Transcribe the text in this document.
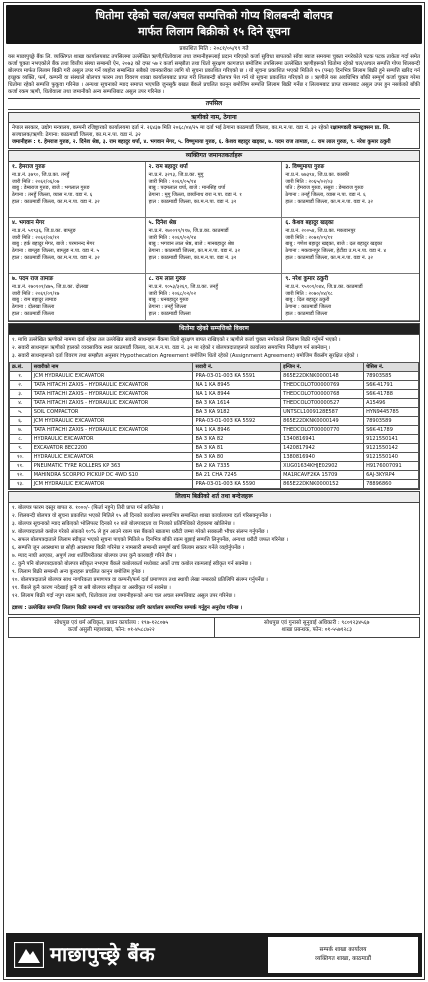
धितोमा रहेको चल/अचल सम्पत्तिको गोप्य शिलबन्दी बोलपत्र
मार्फत लिलाम बिक्रीको १५ दिने सूचना
प्रकाशित मिति : २०८१/०५/१९ गते
यस माछापुच्छ्रे बैंक लि. व्यक्तिगत शाखा कार्यालयबाट तपसिलमा उल्लेखित ऋणी/धितोवाला तथा जमानीहरूलाई प्रदान गरिएको कर्जा सुविधा बापतको साँवा ब्याज समयमा चुक्ता नगरेकोले पटक पटक ताकेता गर्दा समेत कर्जा चुक्ता नभएकोले बैंक तथा वित्तीय संस्था सम्बन्धी ऐन, २०७३ को दफा ५७ र कर्जा सम्झौता तथा धितो सुरक्षण कागजात बमोजिम तपसिलमा उल्लेखित ऋणीहरूको धितोमा रहेको चल/अचल सम्पत्ति गोप्य शिलबन्दी बोलपत्र मार्फत लिलाम बिक्री गरी असुल उपर गर्ने व्यहोरा सम्बन्धित सबैको जानकारीका लागि यो सूचना प्रकाशित गरिएको छ । यो सूचना प्रकाशित भएको मितिले १५ (पन्ध्र) दिनभित्र लिलाम बिक्री हुने सम्पत्ति खरिद गर्न इच्छुक व्यक्ति, फर्म, कम्पनी वा संस्थाले बोलपत्र फारम तथा विवरण शाखा कार्यालयबाट प्राप्त गरी शिलबन्दी बोलपत्र पेश गर्न यो सूचना प्रकाशित गरिएको छ । ऋणीले यस अवधिभित्र बाँकी सम्पूर्ण कर्जा चुक्ता गरेमा धितोमा रहेको सम्पत्ति फुकुवा गरिनेछ । अन्यथा सूचनाको म्याद समाप्त भएपछि जुनसुकै बखत बैंकले प्रचलित कानून बमोजिम सम्पत्ति लिलाम बिक्री गर्नेछ र लिलामबाट प्राप्त रकमबाट असुल उपर हुन नसकेको बाँकी कर्जा रकम ऋणी, धितोवाला तथा जमानीको अन्य सम्पत्तिबाट असुल उपर गरिनेछ ।
तपसिल
ऋणीको नाम, ठेगाना
नेपाल सरकार, उद्योग मन्त्रालय, कम्पनी रजिष्ट्रारको कार्यालयमा दर्ता नं. २६४३७ मिति २०६८/०४/२५ मा दर्ता भई ठेगाना काठमाडौं जिल्ला, का.म.न.पा. वडा नं. ३२ रहेको रक्षामण्डली कन्स्ट्रक्सन प्रा. लि.
सञ्चालक/ऋणी: ठेगाना: काठमाडौं जिल्ला, का.म.न.पा. वडा नं. ३२
जमानीहरू : १. हेमराज गुरुङ, २. दिनेश श्रेष्ठ, ३. राम बहादुर थर्पा, ४. भगवान मेगर, ५. विष्णुमाया गुरुङ, ६. केशव बहादुर खड्का, ७. पदम राज तामाङ, ८. राम लाल गुरुङ, ९. नरेश कुमार ठकुरी
व्यक्तिगत जमानतकर्ताहरू
१. हेमराज गुरुङ
ना.प्र.नं. ३७९०, जि.प्र.का. तनहुँ
जारी मिति : २०६२/०६/०७
बाबु : डेम्बराज गुरुङ, बाजे : भगलाल गुरुङ
ठेगाना : तनहुँ जिल्ला, व्यास न.पा. वडा नं. ६
हाल : काठमाडौं जिल्ला, का.म.न.पा. वडा नं. ३२
२. राम बहादुर थर्पा
ना.प्र.नं. ३२९३, जि.प्र.का. मुगु
जारी मिति : २०६९/०५/१४
बाबु : पदमलाल थर्पा, बाजे : मानसिंह थर्पा
ठेगाना : मुगु जिल्ला, छायाँनाथ रारा न.पा. वडा नं. १
हाल : काठमाडौं जिल्ला, का.म.न.पा. वडा नं. ३२
३. विष्णुमाया गुरुङ
ना.प्र.नं. ७७३९४, जि.प्र.का. कास्की
जारी मिति : २०६५/०२/०३
पति : हेमराज गुरुङ, ससुरा : डेम्बराज गुरुङ
ठेगाना : तनहुँ जिल्ला, व्यास न.पा. वडा नं. ६
हाल : काठमाडौं जिल्ला, का.म.न.पा. वडा नं. ३२
४. भगवान मेगर
ना.प्र.नं. ५१९३६, जि.प्र.का. बाग्लुङ
जारी मिति : २०६२/०४/१२
बाबु : हर्क बहादुर मेगर, बाजे : परमानन्द मेगर
ठेगाना : बाग्लुङ जिल्ला, बाग्लुङ न.पा. वडा नं. ५
हाल : काठमाडौं जिल्ला, का.म.न.पा. वडा नं. ३२
५. दिनेश श्रेष्ठ
ना.प्र.नं. २७००११/११७, जि.प्र.का. काठमाडौं
जारी मिति : २०६९/०२/२४
बाबु : भगवान लाल श्रेष्ठ, बाजे : मानबहादुर श्रेष्ठ
ठेगाना : काठमाडौं जिल्ला, का.म.न.पा. वडा नं. ३२
हाल : काठमाडौं जिल्ला, का.म.न.पा. वडा नं. ३२
६. केशव बहादुर खड्का
ना.प्र.नं. २००५४, जि.प्र.का. मकवानपुर
जारी मिति : २०७१/०९/११
बाबु : गणेश बहादुर खड्का, बाजे : दल बहादुर खड्का
ठेगाना : मकवानपुर जिल्ला, हेटौंडा उ.म.न.पा. वडा नं. ४
हाल : काठमाडौं जिल्ला, का.म.न.पा. वडा नं. ३२
७. पदम राज तामाङ
ना.प्र.नं. २७०१०१/४७५, जि.प्र.का. दोलखा
जारी मिति : २०६९/०९/१७
बाबु : राम बहादुर तामाङ
ठेगाना : दोलखा जिल्ला
हाल : काठमाडौं जिल्ला
८. राम लाल गुरुङ
ना.प्र.नं. १०५३/३२६९, जि.प्र.का. तनहुँ
जारी मिति : २०६८/०२/०२
बाबु : धनबहादुर गुरुङ
ठेगाना : तनहुँ जिल्ला
हाल : काठमाडौं जिल्ला
९. नरेश कुमार ठकुरी
ना.प्र.नं. ९५१०१/०४४, जि.प्र.का. काठमाडौं
जारी मिति : २०७०/०४/१८
बाबु : दिल बहादुर ठकुरी
ठेगाना : काठमाडौं जिल्ला
हाल : काठमाडौं जिल्ला
धितोमा रहेको सम्पत्तिको विवरण

१. माथि उल्लेखित ऋणीको नाममा दर्ता रहेका तल उल्लेखित सवारी साधनहरू बैंकमा धितो सुरक्षण बापत राखिएको र ऋणीले कर्जा चुक्ता नगरेकाले लिलाम बिक्री गर्नुपर्ने भएको ।

२. सवारी साधनहरू ऋणीको हालको व्यवसायिक स्थल काठमाडौं जिल्ला, का.म.न.पा. वडा नं. ३२ मा रहेको र बोलपत्रदाताहरूले कार्यालय समयभित्र निरीक्षण गर्न सक्नेछन् ।

३. सवारी साधनहरूको दर्ता विवरण तथा सम्झौता अनुसार Hypothecation Agreement बमोजिम धितो रहेको (Assignment Agreement) बमोजिम बैंकसँग सुरक्षित रहेको ।

क्र.सं.	सवारीको नाम	सवारी नं.	इन्जिन नं.	चेसिस नं.
१.	JCM HYDRAULIC EXCAVATOR	PRA-03-01-003 KA 5591	865E22DKNK0000148	78903585
२.	TATA HITACHI ZAXIS - HYDRAULIC EXCAVATOR	NA 1 KA 8945	THEDCOLOT00000769	S6K-41791
३.	TATA HITACHI ZAXIS - HYDRAULIC EXCAVATOR	NA 1 KA 8944	THEDCOLOT00000768	S6K-41788
४.	TATA HITACHI ZAXIS - HYDRAULIC EXCAVATOR	BA 3 KA 1614	THEDCOLOT00000527	A15496
५.	SOIL COMPACTOR	BA 3 KA 9182	UNTSCL1009128E587	HYN9445785
६.	JCM HYDRAULIC EXCAVATOR	PRA-03-01-003 KA 5592	865E22DKNK0000149	78903589
७.	TATA HITACHI ZAXIS - HYDRAULIC EXCAVATOR	NA 1 KA 8946	THEDCOLOT00000770	S6K-41789
८.	HYDRAULIC EXCAVATOR	BA 3 KA 82	1340816941	9121550141
९.	EXCAVATOR 8EC2200	BA 3 KA 81	1420817942	9121550142
१०.	HYDRAULIC EXCAVATOR	BA 3 KA 80	1380816940	9121550140
११.	PNEUMATIC TYRE ROLLERS KP 363	BA 2 KA 7335	XUG01634KHJE02902	H9176007091
१२.	MAHINDRA SCORPIO PICKUP DC 4WD S10	BA 21 CHA 7245	MA1RCAVF2KA 15709	6AJ-3KYRP4
१३.	JCM HYDRAULIC EXCAVATOR	PRA-03-01-003 KA 5590	865E22DKNK0000152	78896860
लिलाम बिक्रीको शर्त तथा बन्देजहरू

१. बोलपत्र फारम दस्तुर बापत रु. १०००/- (फिर्ता नहुने) तिरी प्राप्त गर्न सकिनेछ ।

२. शिलबन्दी बोलपत्र यो सूचना प्रकाशित भएको मितिले १५ औं दिनको कार्यालय समयभित्र सम्बन्धित शाखा कार्यालयमा दर्ता गरिसक्नुपर्नेछ ।

३. बोलपत्र सूचनाको म्याद सकिएको भोलिपल्ट दिनको १२ बजे बोलपत्रदाता वा निजको प्रतिनिधिको रोहबरमा खोलिनेछ ।

४. बोलपत्रदाताले कबोल गरेको अंकको १०% ले हुन आउने रकम यस बैंकको खातामा धरौटी जम्मा गरेको सक्कली भौचर संलग्न गर्नुपर्नेछ ।

५. सफल बोलपत्रदाताले लिलाम स्वीकृत भएको सूचना पाएको मितिले ७ दिनभित्र बाँकी रकम बुझाई सम्पत्ति लिनुपर्नेछ, अन्यथा धरौटी जफत गरिनेछ ।

६. सम्पत्ति जुन अवस्थामा छ सोही अवस्थामा बिक्री गरिनेछ र नामसारी सम्बन्धी सम्पूर्ण खर्च लिलाम सकार गर्नेले व्यहोर्नुपर्नेछ ।

७. म्याद नाघी आएका, अपूर्ण तथा शर्तविपरीतका बोलपत्र उपर कुनै कारबाही गरिने छैन ।

८. कुनै पनि बोलपत्रदाताको बोलपत्र स्वीकृत नभएमा बैंकले कबोलकर्ता मध्येबाट अर्को उच्च कबोल रकमलाई स्वीकृत गर्न सक्नेछ ।

९. लिलाम बिक्री सम्बन्धी अन्य कुराहरू प्रचलित कानून बमोजिम हुनेछ ।

१०. बोलपत्रदाताले बोलपत्र साथ नागरिकता प्रमाणपत्र वा कम्पनी/फर्म दर्ता प्रमाणपत्र तथा स्थायी लेखा नम्बरको प्रतिलिपि संलग्न गर्नुपर्नेछ ।

११. बैंकले कुनै कारण नदेखाई कुनै वा सबै बोलपत्र स्वीकृत वा अस्वीकृत गर्न सक्नेछ ।

१२. लिलाम बिक्री गर्दा नपुग रकम ऋणी, धितोवाला तथा जमानीहरूको अन्य चल अचल सम्पत्तिबाट असुल उपर गरिनेछ ।

द्रष्टव्य : उल्लेखित सम्पत्ति लिलाम बिक्री सम्बन्धी थप जानकारीका लागि कार्यालय समयभित्र सम्पर्क गर्नुहुन अनुरोध गरिन्छ ।
सोधपुछ एवं धर्म अधिकृत, प्रधान कार्यालय : १९७-१२८०७५
कर्जा असुली महाशाखा, फोन: ०१-४५८८७२२
सोधपुछ एवं गुनासो सुनुवाई अधिकारी : ९८०१२३४५६७
शाखा प्रबन्धक, फोन: ०१-५५७१२८३
माछापुच्छ्रे बैंक	सम्पर्क शाखा कार्यालय
व्यक्तिगत शाखा, काठमाडौं
